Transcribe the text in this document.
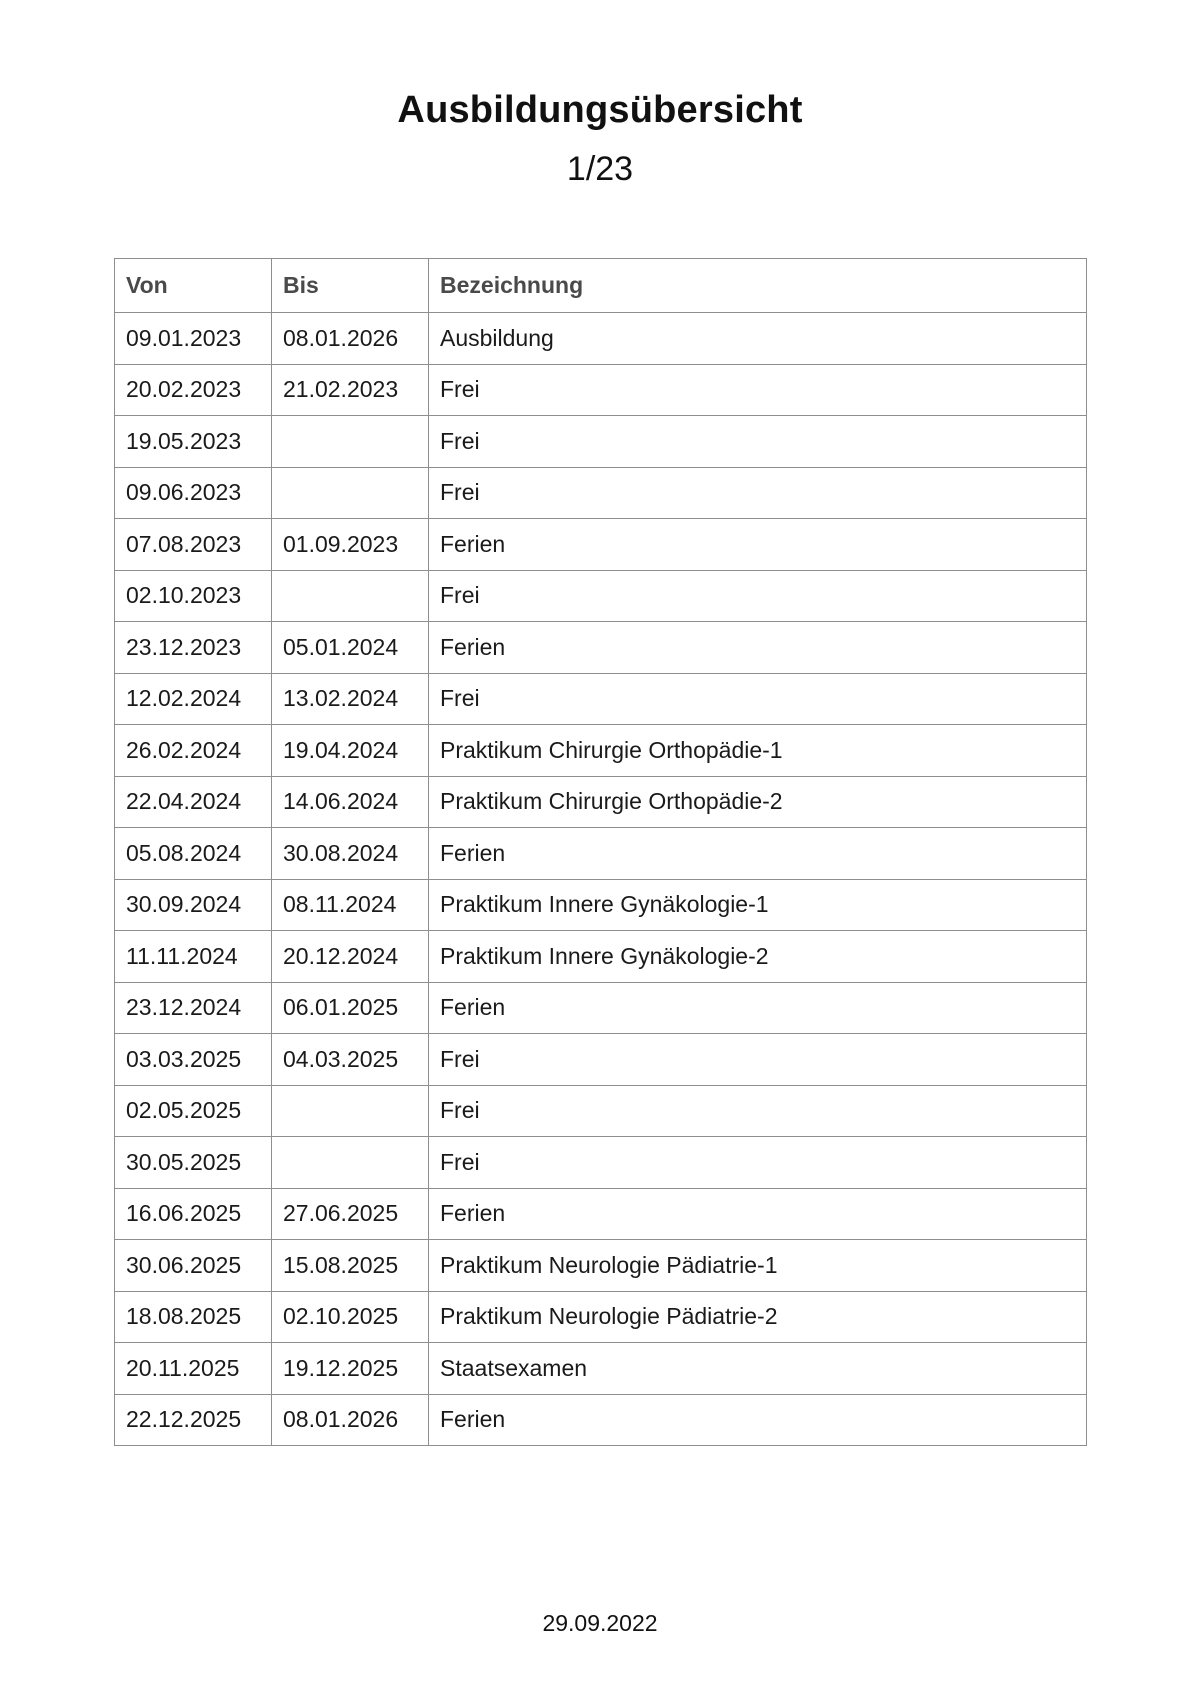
Ausbildungsübersicht
1/23
Von	Bis	Bezeichnung
09.01.2023	08.01.2026	Ausbildung
20.02.2023	21.02.2023	Frei
19.05.2023		Frei
09.06.2023		Frei
07.08.2023	01.09.2023	Ferien
02.10.2023		Frei
23.12.2023	05.01.2024	Ferien
12.02.2024	13.02.2024	Frei
26.02.2024	19.04.2024	Praktikum Chirurgie Orthopädie-1
22.04.2024	14.06.2024	Praktikum Chirurgie Orthopädie-2
05.08.2024	30.08.2024	Ferien
30.09.2024	08.11.2024	Praktikum Innere Gynäkologie-1
11.11.2024	20.12.2024	Praktikum Innere Gynäkologie-2
23.12.2024	06.01.2025	Ferien
03.03.2025	04.03.2025	Frei
02.05.2025		Frei
30.05.2025		Frei
16.06.2025	27.06.2025	Ferien
30.06.2025	15.08.2025	Praktikum Neurologie Pädiatrie-1
18.08.2025	02.10.2025	Praktikum Neurologie Pädiatrie-2
20.11.2025	19.12.2025	Staatsexamen
22.12.2025	08.01.2026	Ferien
29.09.2022
